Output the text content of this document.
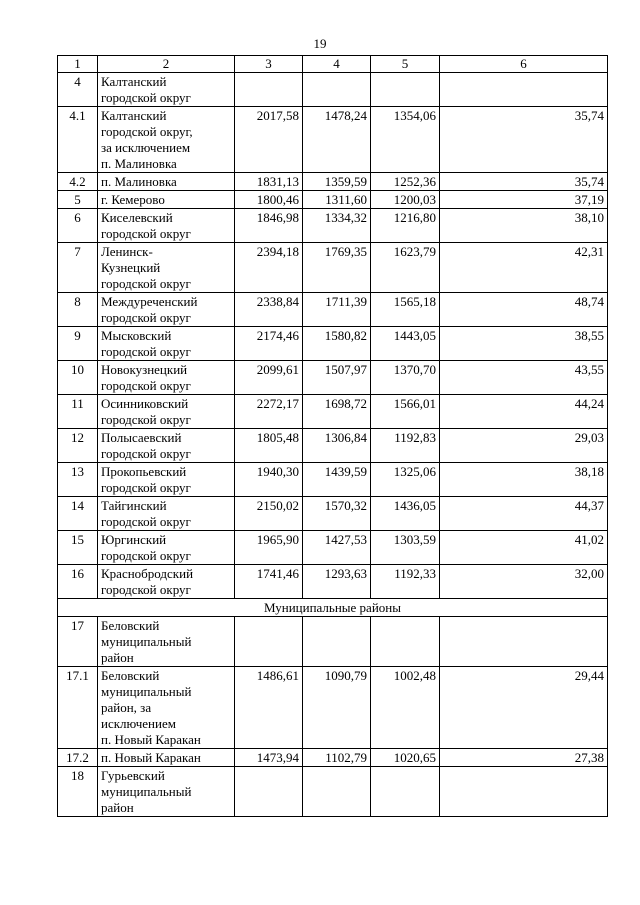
19
1	2	3	4	5	6
4	Калтанский
городской округ				

4.1	Калтанский
городской округ,
за исключением
п. Малиновка	2017,58	1478,24	1354,06	35,74
4.2	п. Малиновка	1831,13	1359,59	1252,36	35,74
5	г. Кемерово	1800,46	1311,60	1200,03	37,19
6	Киселевский
городской округ	1846,98	1334,32	1216,80	38,10
7	Ленинск-
Кузнецкий
городской округ	2394,18	1769,35	1623,79	42,31
8	Междуреченский
городской округ	2338,84	1711,39	1565,18	48,74
9	Мысковский
городской округ	2174,46	1580,82	1443,05	38,55
10	Новокузнецкий
городской округ	2099,61	1507,97	1370,70	43,55
11	Осинниковский
городской округ	2272,17	1698,72	1566,01	44,24
12	Полысаевский
городской округ	1805,48	1306,84	1192,83	29,03
13	Прокопьевский
городской округ	1940,30	1439,59	1325,06	38,18
14	Тайгинский
городской округ	2150,02	1570,32	1436,05	44,37
15	Юргинский
городской округ	1965,90	1427,53	1303,59	41,02
16	Краснобродский
городской округ	1741,46	1293,63	1192,33	32,00
Муниципальные районы					
17	Беловский
муниципальный
район				

17.1	Беловский
муниципальный
район, за
исключением
п. Новый Каракан	1486,61	1090,79	1002,48	29,44
17.2	п. Новый Каракан	1473,94	1102,79	1020,65	27,38
18	Гурьевский
муниципальный
район				
